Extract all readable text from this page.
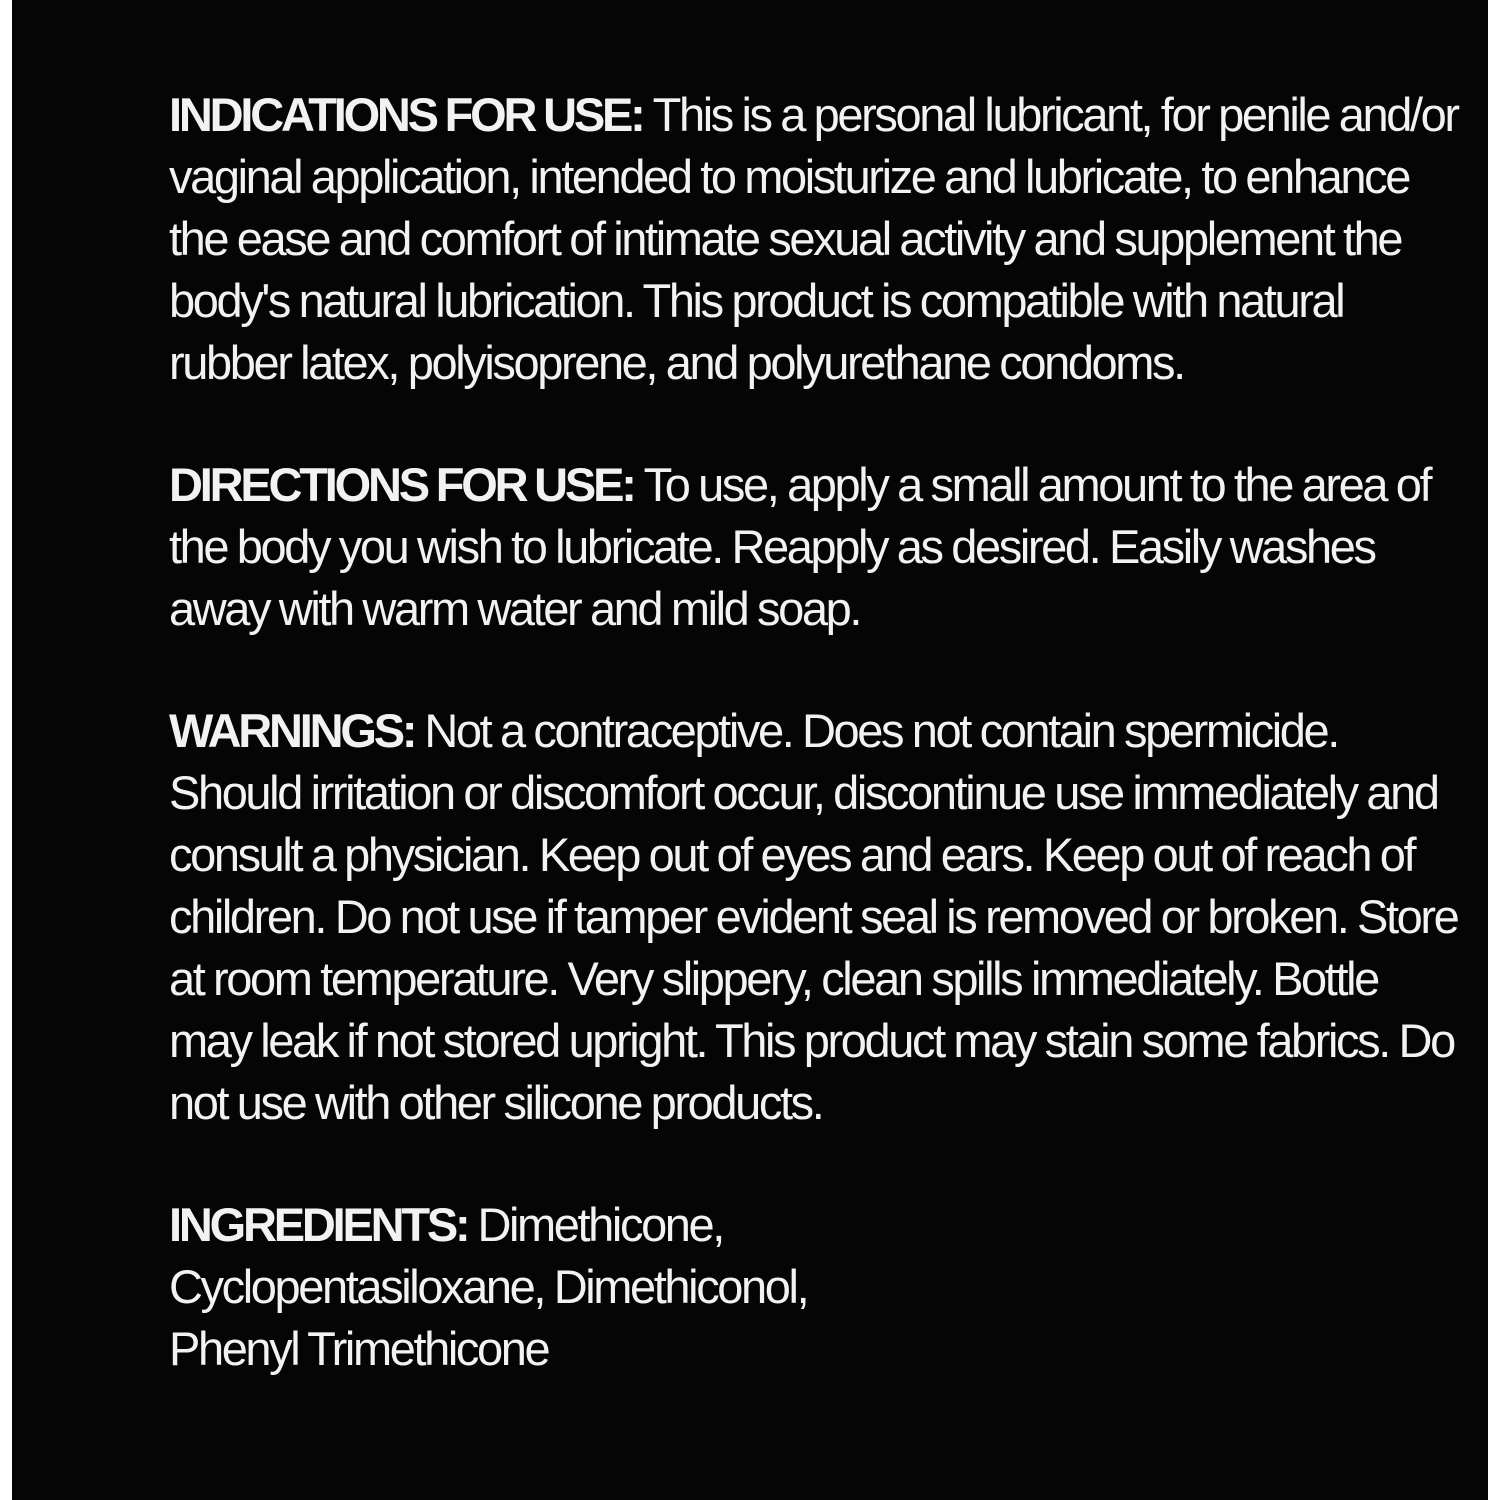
INDICATIONS FOR USE: This is a personal lubricant, for penile and/or vaginal application, intended to moisturize and lubricate, to enhance the ease and comfort of intimate sexual activity and supplement the body's natural lubrication. This product is compatible with natural rubber latex, polyisoprene, and polyurethane condoms.

DIRECTIONS FOR USE: To use, apply a small amount to the area of the body you wish to lubricate. Reapply as desired. Easily washes away with warm water and mild soap.

WARNINGS: Not a contraceptive. Does not contain spermicide. Should irritation or discomfort occur, discontinue use immediately and consult a physician. Keep out of eyes and ears. Keep out of reach of children. Do not use if tamper evident seal is removed or broken. Store at room temperature. Very slippery, clean spills immediately. Bottle may leak if not stored upright. This product may stain some fabrics. Do not use with other silicone products.

INGREDIENTS: Dimethicone,
Cyclopentasiloxane, Dimethiconol,
Phenyl Trimethicone
